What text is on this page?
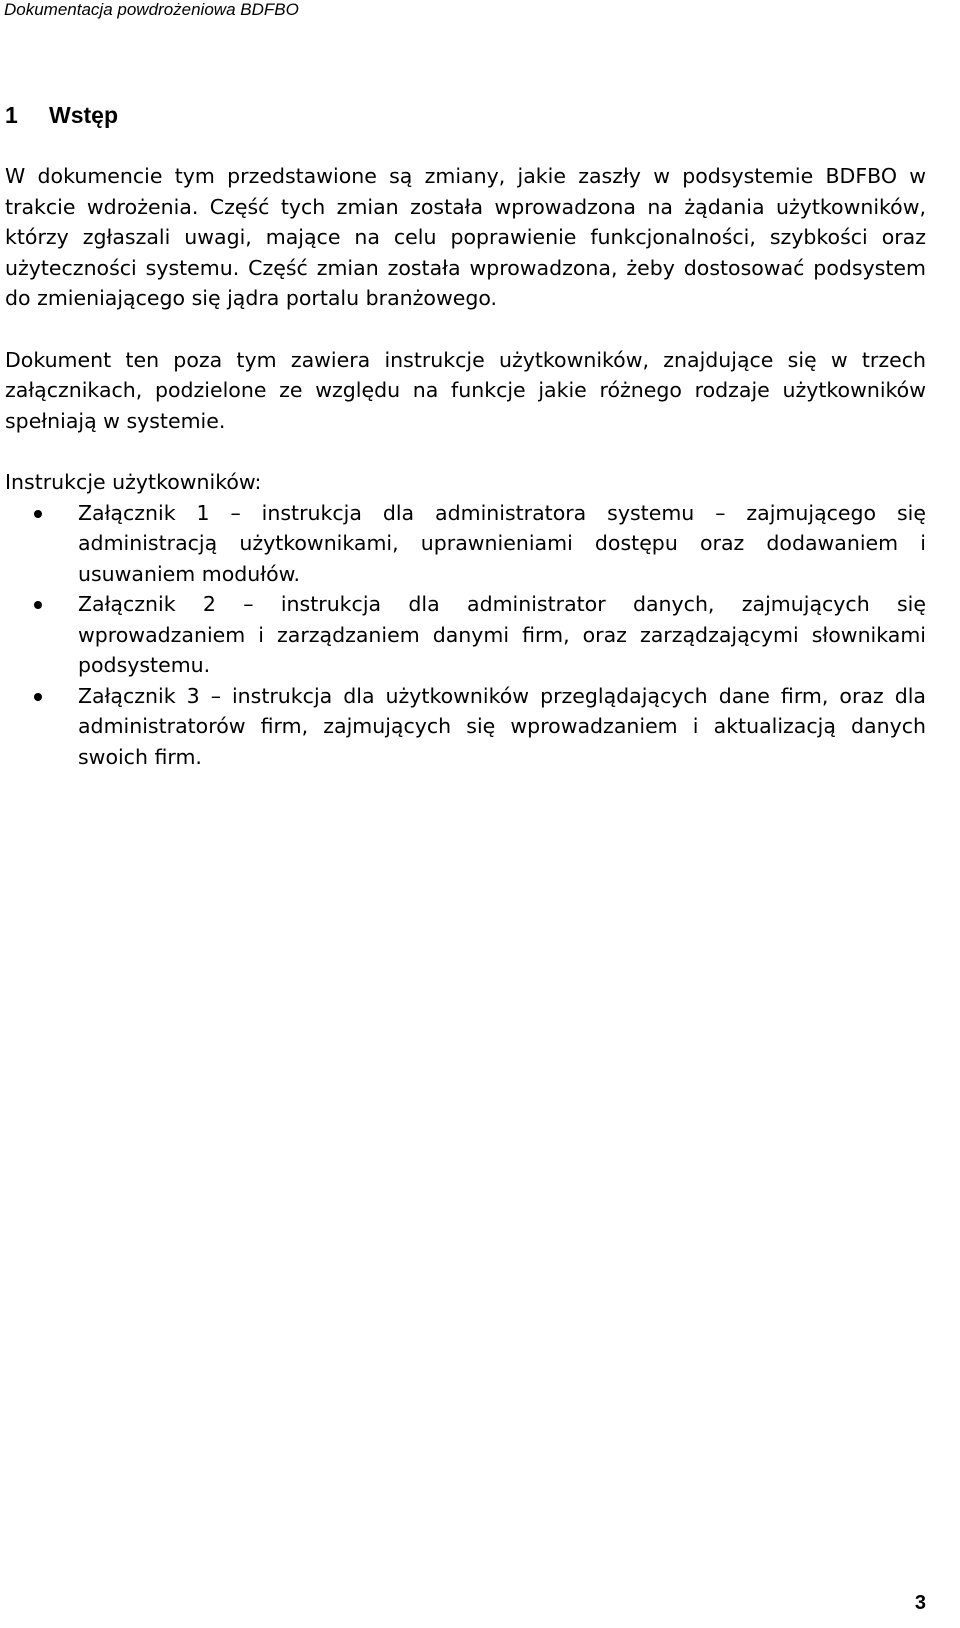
Dokumentacja powdrożeniowa BDFBO
1	Wstęp

W dokumencie tym przedstawione są zmiany, jakie zaszły w podsystemie BDFBO w trakcie wdrożenia. Część tych zmian została wprowadzona na żądania użytkowników, którzy zgłaszali uwagi, mające na celu poprawienie funkcjonalności, szybkości oraz użyteczności systemu. Część zmian została wprowadzona, żeby dostosować podsystem do zmieniającego się jądra portalu branżowego.

Dokument ten poza tym zawiera instrukcje użytkowników, znajdujące się w trzech załącznikach, podzielone ze względu na funkcje jakie różnego rodzaje użytkowników spełniają w systemie.

Instrukcje użytkowników:

Załącznik 1 – instrukcja dla administratora systemu – zajmującego się administracją użytkownikami, uprawnieniami dostępu oraz dodawaniem i usuwaniem modułów.
Załącznik 2 – instrukcja dla administrator danych, zajmujących się wprowadzaniem i zarządzaniem danymi firm, oraz zarządzającymi słownikami podsystemu.
Załącznik 3 – instrukcja dla użytkowników przeglądających dane firm, oraz dla administratorów firm, zajmujących się wprowadzaniem i aktualizacją danych swoich firm.
3
